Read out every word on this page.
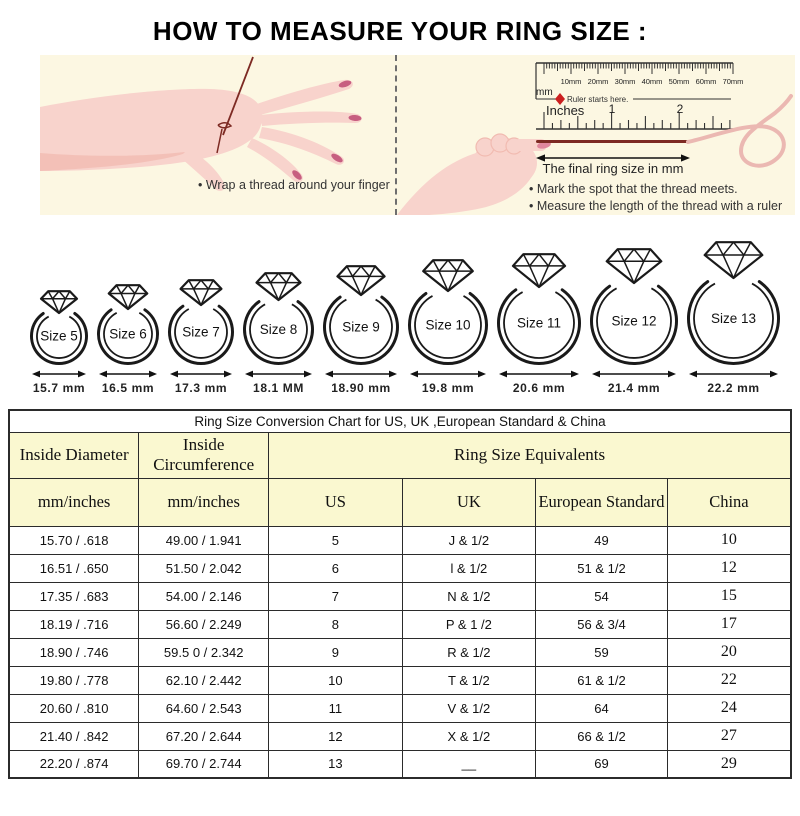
HOW TO MEASURE YOUR RING SIZE :
• Wrap a thread around your finger
10mm 20mm 30mm 40mm 50mm 60mm 70mm
mm
Ruler starts here.
Inches 1	2
The final ring size in mm
• Mark the spot that the thread meets.
• Measure the length of the thread with a ruler
Size 5
15.7 mm
Size 6
16.5 mm
Size 7
17.3 mm
Size 8
18.1 MM
Size 9
18.90 mm
Size 10
19.8 mm
Size 11
20.6 mm
Size 12
21.4 mm
Size 13
22.2 mm
Ring Size Conversion Chart for US, UK ,European Standard & China					
Inside Diameter	Inside Circumference	Ring Size Equivalents			
mm/inches	mm/inches	US	UK	European Standard	China
15.70 / .618	49.00 / 1.941	5	J & 1/2	49	10
16.51 / .650	51.50 / 2.042	6	l & 1/2	51 & 1/2	12
17.35 / .683	54.00 / 2.146	7	N & 1/2	54	15
18.19 / .716	56.60 / 2.249	8	P & 1 /2	56 & 3/4	17
18.90 / .746	59.5 0 / 2.342	9	R & 1/2	59	20
19.80 / .778	62.10 / 2.442	10	T & 1/2	61 & 1/2	22
20.60 / .810	64.60 / 2.543	11	V & 1/2	64	24
21.40 / .842	67.20 / 2.644	12	X & 1/2	66 & 1/2	27
22.20 / .874	69.70 / 2.744	13	__	69	29
